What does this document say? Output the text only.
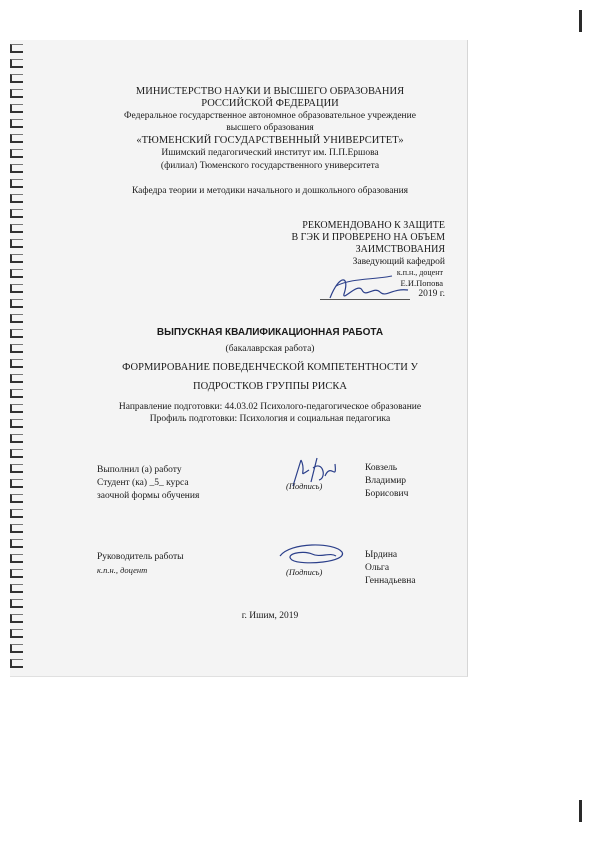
МИНИСТЕРСТВО НАУКИ И ВЫСШЕГО ОБРАЗОВАНИЯ
РОССИЙСКОЙ ФЕДЕРАЦИИ
Федеральное государственное автономное образовательное учреждение
высшего образования
«ТЮМЕНСКИЙ ГОСУДАРСТВЕННЫЙ УНИВЕРСИТЕТ»
Ишимский педагогический институт им. П.П.Ершова
(филиал) Тюменского государственного университета
Кафедра теории и методики начального и дошкольного образования
РЕКОМЕНДОВАНО К ЗАЩИТЕ
В ГЭК И ПРОВЕРЕНО НА ОБЪЕМ
ЗАИМСТВОВАНИЯ
Заведующий кафедрой
к.п.н., доцент
Е.И.Попова
2019 г.
ВЫПУСКНАЯ КВАЛИФИКАЦИОННАЯ РАБОТА
(бакалаврская работа)
ФОРМИРОВАНИЕ ПОВЕДЕНЧЕСКОЙ КОМПЕТЕНТНОСТИ У
ПОДРОСТКОВ ГРУППЫ РИСКА
Направление подготовки: 44.03.02 Психолого-педагогическое образование
Профиль подготовки: Психология и социальная педагогика
Выполнил (а) работу
Студент (ка) _5_ курса
заочной формы обучения
(Подпись)
Ковзель
Владимир
Борисович
Руководитель работы
к.п.н., доцент	(Подпись)
Ырдина
Ольга
Геннадьевна
г. Ишим, 2019
